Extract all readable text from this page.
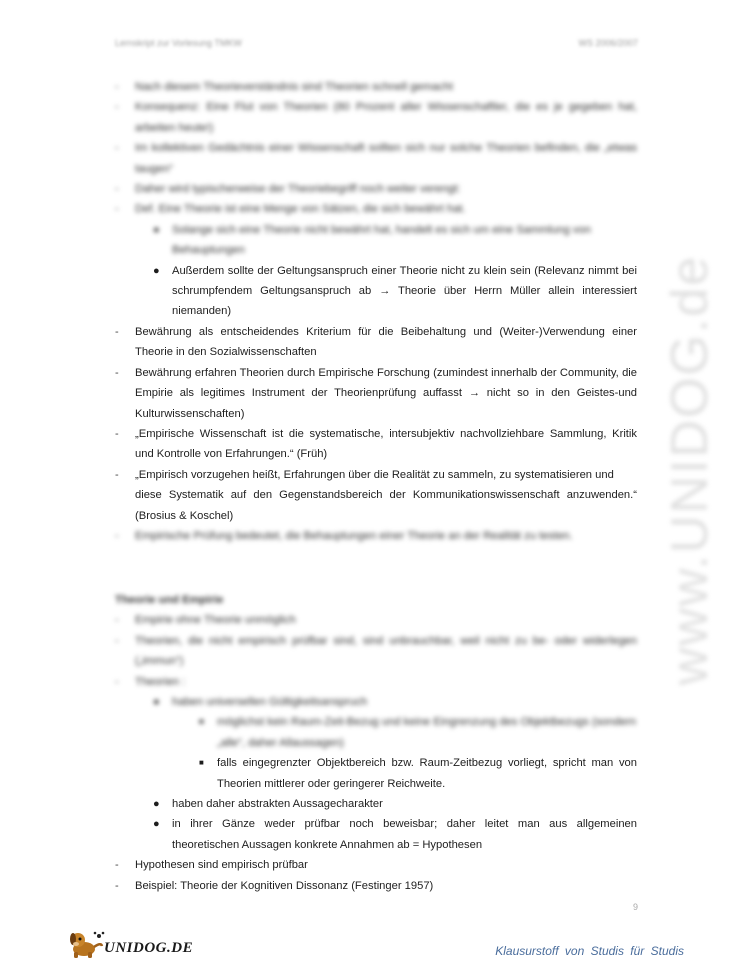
Lernskript zur Vorlesung TMKW	WS 2006/2007
www.UNIDOG.de
- Nach diesem Theorieverständnis sind Theorien schnell gemacht
- Konsequenz: Eine Flut von Theorien (80 Prozent aller Wissenschaftler, die es je gegeben hat, arbeiten heute!)
- Im kollektiven Gedächtnis einer Wissenschaft sollten sich nur solche Theorien befinden, die „etwas taugen“
- Daher wird typischerweise der Theoriebegriff noch weiter verengt:
- Def. Eine Theorie ist eine Menge von Sätzen, die sich bewährt hat.
● Solange sich eine Theorie nicht bewährt hat, handelt es sich um eine Sammlung von
Behauptungen
● Außerdem sollte der Geltungsanspruch einer Theorie nicht zu klein sein (Relevanz nimmt bei schrumpfendem Geltungsanspruch ab → Theorie über Herrn Müller allein interessiert niemanden)
- Bewährung als entscheidendes Kriterium für die Beibehaltung und (Weiter-)Verwendung einer Theorie in den Sozialwissenschaften
- Bewährung erfahren Theorien durch Empirische Forschung (zumindest innerhalb der Community, die Empirie als legitimes Instrument der Theorienprüfung auffasst → nicht so in den Geistes-und Kulturwissenschaften)
- „Empirische Wissenschaft ist die systematische, intersubjektiv nachvollziehbare Sammlung, Kritik und Kontrolle von Erfahrungen.“ (Früh)
- „Empirisch vorzugehen heißt, Erfahrungen über die Realität zu sammeln, zu systematisieren und
diese Systematik auf den Gegenstandsbereich der Kommunikationswissenschaft anzuwenden.“ (Brosius & Koschel)
- Empirische Prüfung bedeutet, die Behauptungen einer Theorie an der Realität zu testen.
Theorie und Empirie
- Empirie ohne Theorie unmöglich
- Theorien, die nicht empirisch prüfbar sind, sind unbrauchbar, weil nicht zu be- oder widerlegen („immun“)
- Theorien :
● haben universellen Gültigkeitsanspruch
■ möglichst kein Raum-Zeit-Bezug und keine Eingrenzung des Objektbezugs (sondern
„alle“, daher Allaussagen)
■ falls eingegrenzter Objektbereich bzw. Raum-Zeitbezug vorliegt, spricht man von Theorien mittlerer oder geringerer Reichweite.
● haben daher abstrakten Aussagecharakter
● in ihrer Gänze weder prüfbar noch beweisbar; daher leitet man aus allgemeinen theoretischen Aussagen konkrete Annahmen ab = Hypothesen
- Hypothesen sind empirisch prüfbar
- Beispiel: Theorie der Kognitiven Dissonanz (Festinger 1957)
9
UNIDOG.DE	Klausurstoff von Studis für Studis
